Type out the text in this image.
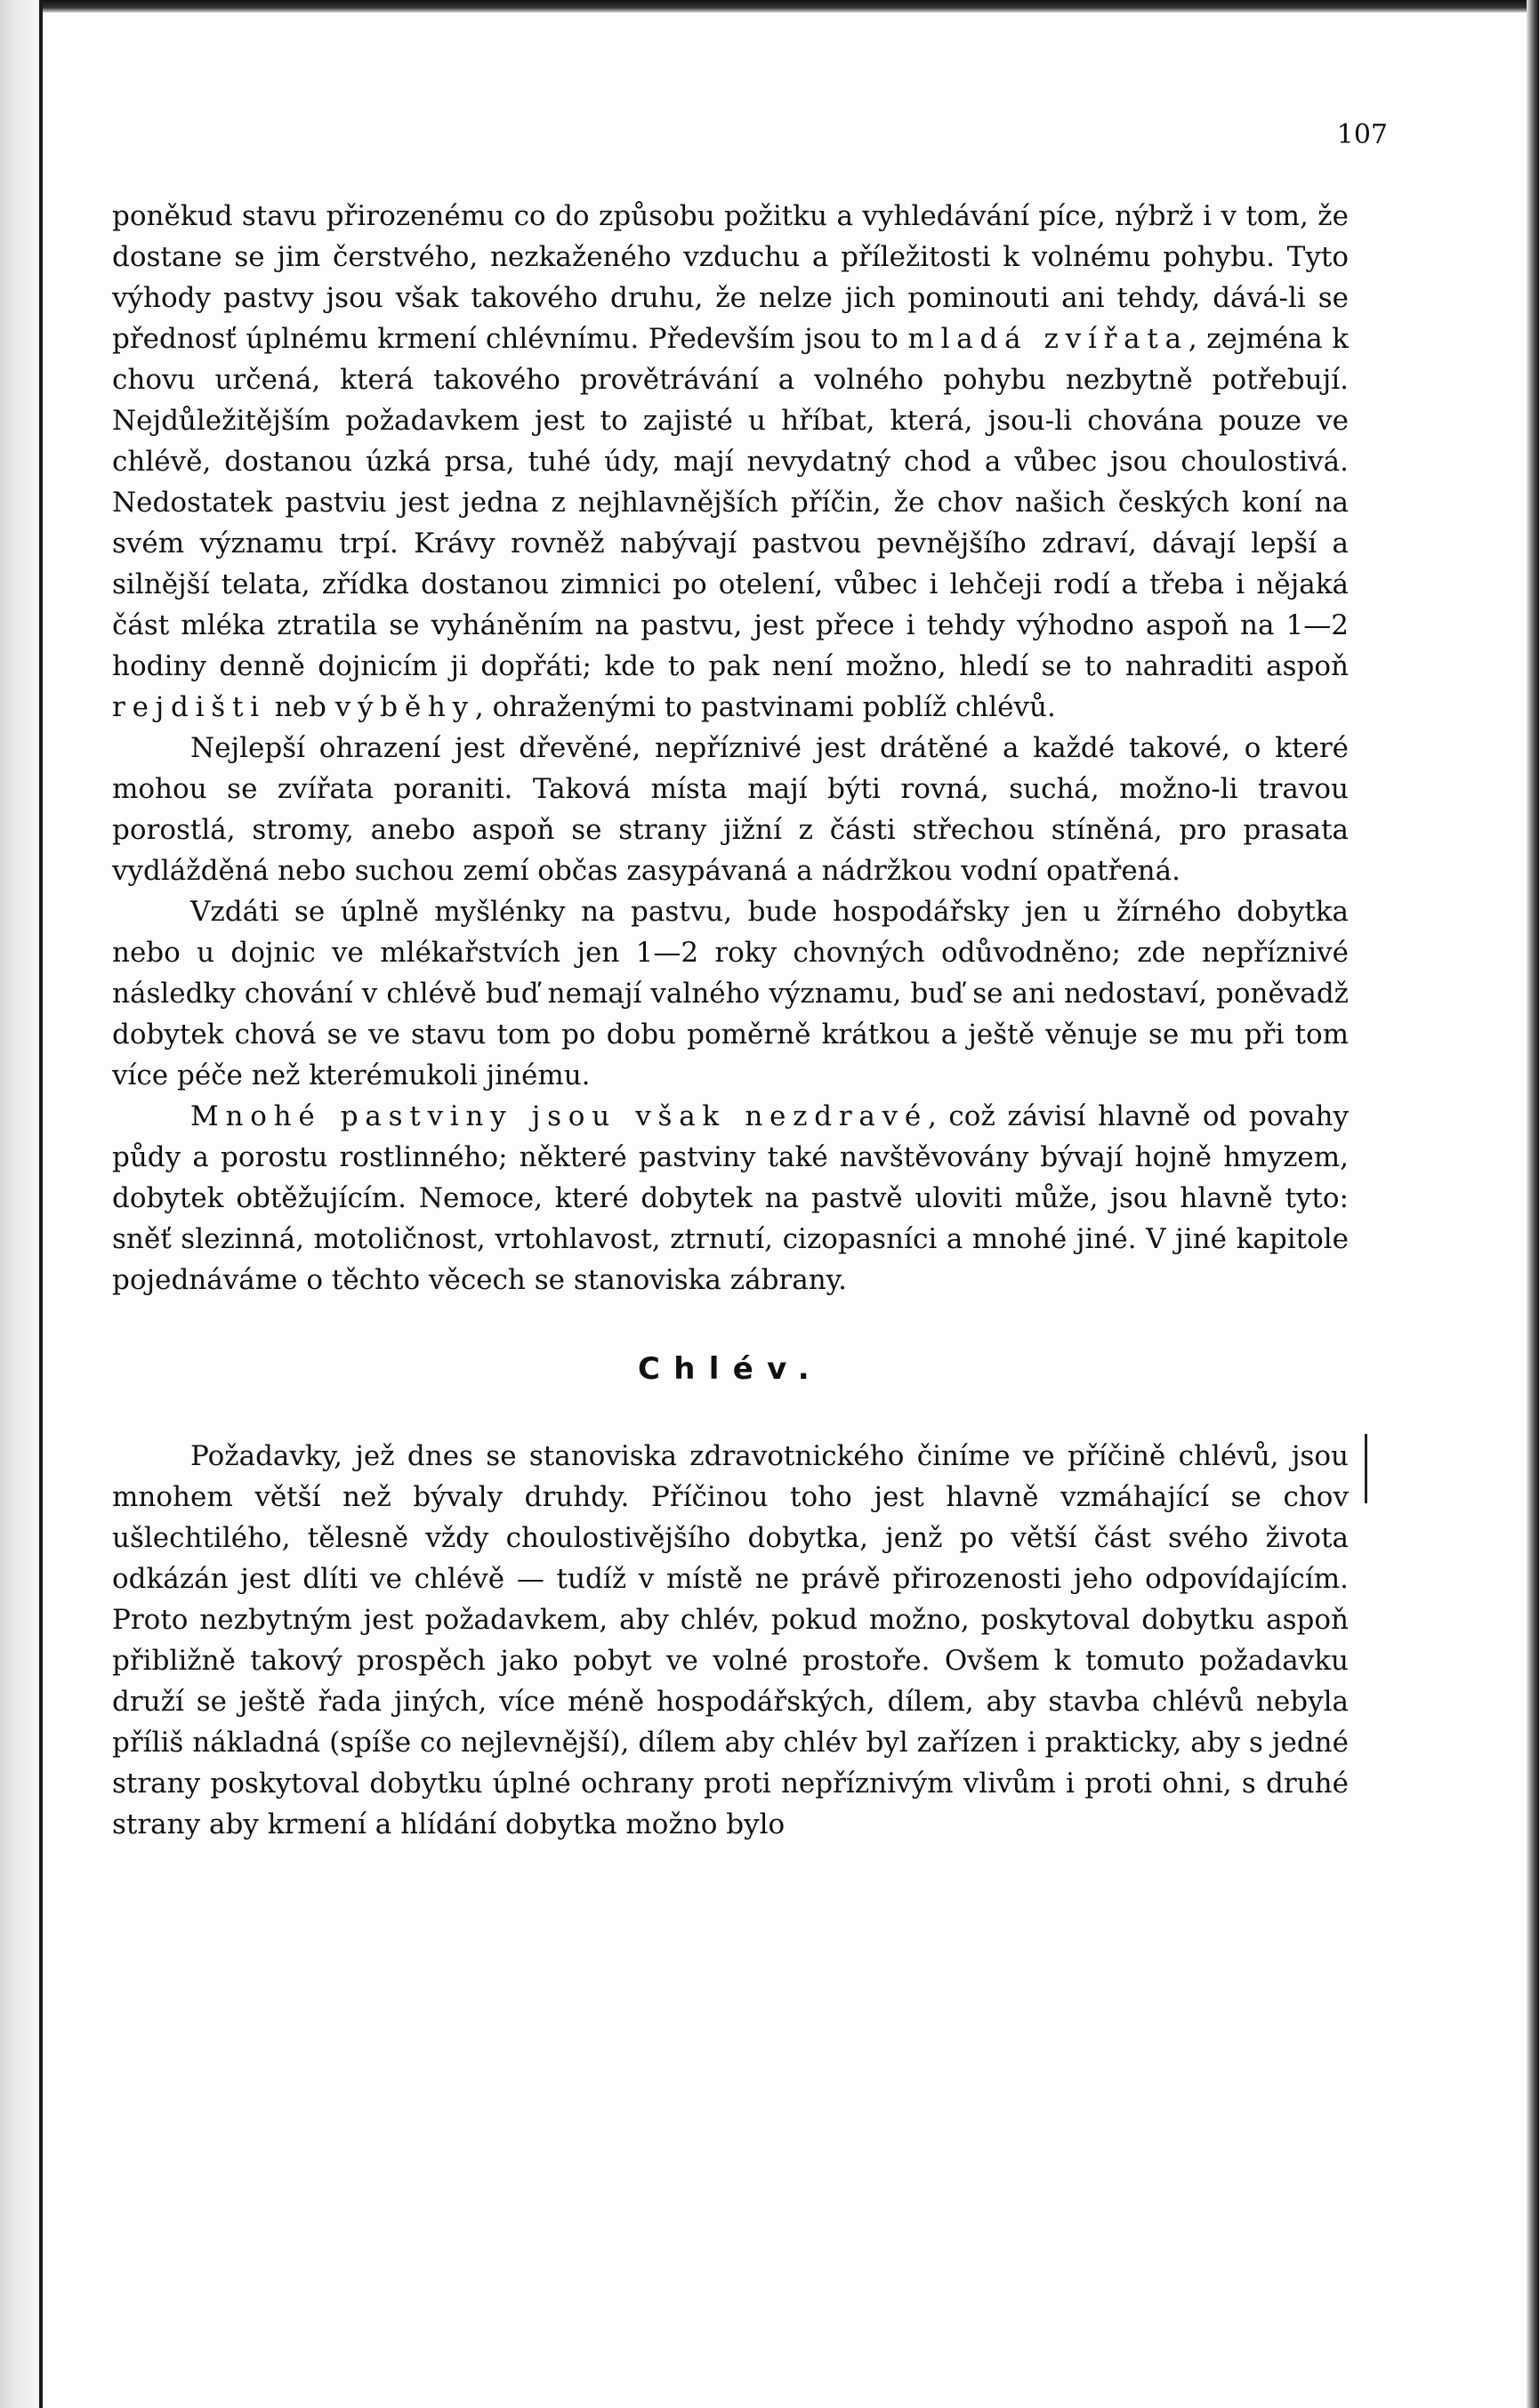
107

poněkud stavu přirozenému co do způsobu požitku a vyhledávání píce, nýbrž i v tom, že dostane se jim čerstvého, nezkaženého vzduchu a příležitosti k volnému pohybu. Tyto výhody pastvy jsou však takového druhu, že nelze jich pominouti ani tehdy, dává-li se přednosť úplnému krmení chlévnímu. Především jsou to mladá zvířata, zejména k chovu určená, která takového provětrávání a volného pohybu nezbytně potřebují. Nejdůležitějším požadavkem jest to zajisté u hříbat, která, jsou-li chována pouze ve chlévě, dostanou úzká prsa, tuhé údy, mají nevydatný chod a vůbec jsou choulostivá. Nedostatek pastviu jest jedna z nejhlavnějších příčin, že chov našich českých koní na svém významu trpí. Krávy rovněž nabývají pastvou pevnějšího zdraví, dávají lepší a silnější telata, zřídka dostanou zimnici po otelení, vůbec i lehčeji rodí a třeba i nějaká část mléka ztratila se vyháněním na pastvu, jest přece i tehdy výhodno aspoň na 1—2 hodiny denně dojnicím ji dopřáti; kde to pak není možno, hledí se to nahraditi aspoň rejdišti neb výběhy, ohraženými to pastvinami poblíž chlévů.

Nejlepší ohrazení jest dřevěné, nepříznivé jest drátěné a každé takové, o které mohou se zvířata poraniti. Taková místa mají býti rovná, suchá, možno-li travou porostlá, stromy, anebo aspoň se strany jižní z části střechou stíněná, pro prasata vydlážděná nebo suchou zemí občas zasypávaná a nádržkou vodní opatřená.

Vzdáti se úplně myšlénky na pastvu, bude hospodářsky jen u žírného dobytka nebo u dojnic ve mlékařstvích jen 1—2 roky chovných odůvodněno; zde nepříznivé následky chování v chlévě buď nemají valného významu, buď se ani nedostaví, poněvadž dobytek chová se ve stavu tom po dobu poměrně krátkou a ještě věnuje se mu při tom více péče než kterémukoli jinému.

Mnohé pastviny jsou však nezdravé, což závisí hlavně od povahy půdy a porostu rostlinného; některé pastviny také navštěvovány bývají hojně hmyzem, dobytek obtěžujícím. Nemoce, které dobytek na pastvě uloviti může, jsou hlavně tyto: sněť slezinná, motoličnost, vrtohlavost, ztrnutí, cizopasníci a mnohé jiné. V jiné kapitole pojednáváme o těchto věcech se stanoviska zábrany.

Chlév.

Požadavky, jež dnes se stanoviska zdravotnického činíme ve příčině chlévů, jsou mnohem větší než bývaly druhdy. Příčinou toho jest hlavně vzmáhající se chov ušlechtilého, tělesně vždy choulostivějšího dobytka, jenž po větší část svého života odkázán jest dlíti ve chlévě — tudíž v místě ne právě přirozenosti jeho odpovídajícím. Proto nezbytným jest požadavkem, aby chlév, pokud možno, poskytoval dobytku aspoň přibližně takový prospěch jako pobyt ve volné prostoře. Ovšem k tomuto požadavku druží se ještě řada jiných, více méně hospodářských, dílem, aby stavba chlévů nebyla příliš nákladná (spíše co nejlevnější), dílem aby chlév byl zařízen i prakticky, aby s jedné strany poskytoval dobytku úplné ochrany proti nepříznivým vlivům i proti ohni, s druhé strany aby krmení a hlídání dobytka možno bylo
